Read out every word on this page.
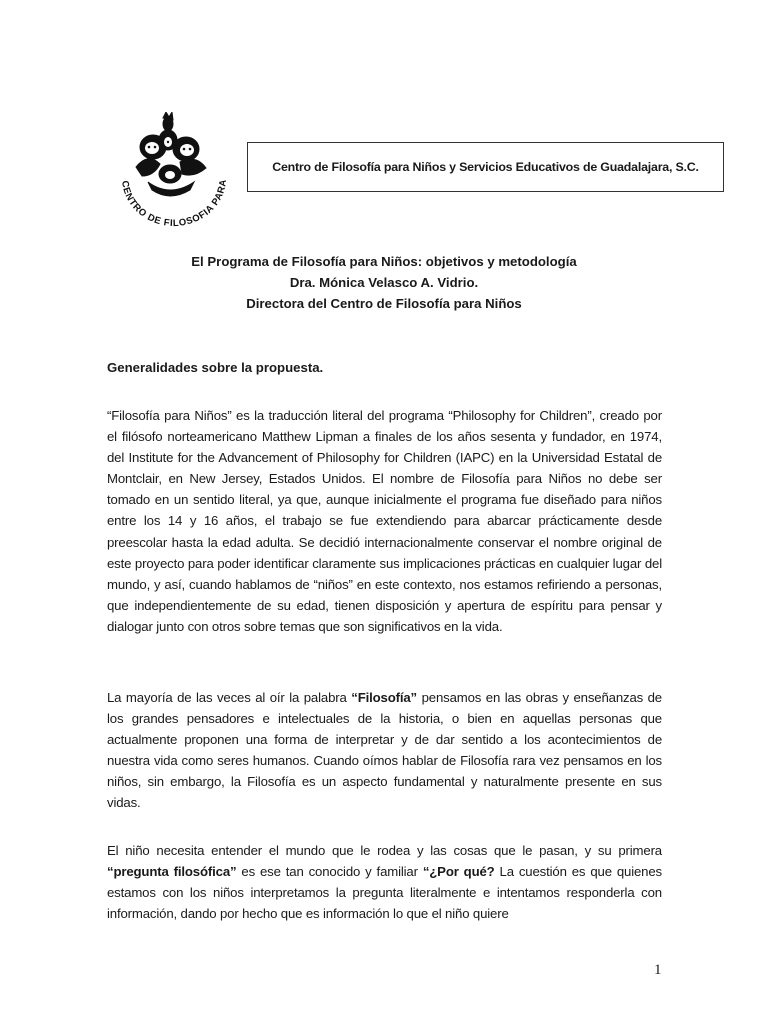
CENTRO DE FILOSOFIA PARA
Centro de Filosofía para Niños y Servicios Educativos de Guadalajara, S.C.
El Programa de Filosofía para Niños: objetivos y metodología
Dra. Mónica Velasco A. Vidrio.
Directora del Centro de Filosofía para Niños
Generalidades sobre la propuesta.
“Filosofía para Niños” es la traducción literal del programa “Philosophy for Children”, creado por el filósofo norteamericano Matthew Lipman a finales de los años sesenta y fundador, en 1974, del Institute for the Advancement of Philosophy for Children (IAPC) en la Universidad Estatal de Montclair, en New Jersey, Estados Unidos. El nombre de Filosofía para Niños no debe ser tomado en un sentido literal, ya que, aunque inicialmente el programa fue diseñado para niños entre los 14 y 16 años, el trabajo se fue extendiendo para abarcar prácticamente desde preescolar hasta la edad adulta. Se decidió internacionalmente conservar el nombre original de este proyecto para poder identificar claramente sus implicaciones prácticas en cualquier lugar del mundo, y así, cuando hablamos de “niños” en este contexto, nos estamos refiriendo a personas, que independientemente de su edad, tienen disposición y apertura de espíritu para pensar y dialogar junto con otros sobre temas que son significativos en la vida.
La mayoría de las veces al oír la palabra “Filosofía” pensamos en las obras y enseñanzas de los grandes pensadores e intelectuales de la historia, o bien en aquellas personas que actualmente proponen una forma de interpretar y de dar sentido a los acontecimientos de nuestra vida como seres humanos. Cuando oímos hablar de Filosofía rara vez pensamos en los niños, sin embargo, la Filosofía es un aspecto fundamental y naturalmente presente en sus vidas.
El niño necesita entender el mundo que le rodea y las cosas que le pasan, y su primera “pregunta filosófica” es ese tan conocido y familiar “¿Por qué? La cuestión es que quienes estamos con los niños interpretamos la pregunta literalmente e intentamos responderla con información, dando por hecho que es información lo que el niño quiere
1
